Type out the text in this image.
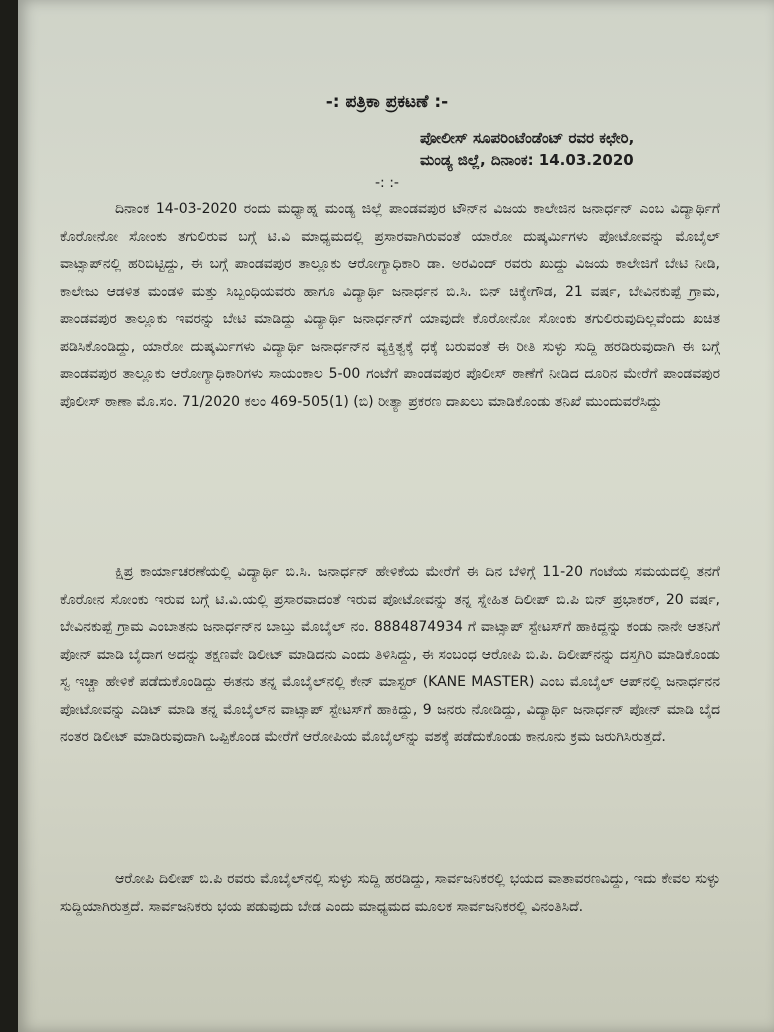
-: ಪತ್ರಿಕಾ ಪ್ರಕಟಣೆ :-
ಪೋಲೀಸ್ ಸೂಪರಿಂಟೆಂಡೆಂಟ್ ರವರ ಕಛೇರಿ,
ಮಂಡ್ಯ ಜಿಲ್ಲೆ, ದಿನಾಂಕ: 14.03.2020
-: :-
ದಿನಾಂಕ 14-03-2020 ರಂದು ಮಧ್ಯಾಹ್ನ ಮಂಡ್ಯ ಜಿಲ್ಲೆ ಪಾಂಡವಪುರ ಟೌನ್‌ನ ವಿಜಯ ಕಾಲೇಜಿನ ಜನಾರ್ಧನ್ ಎಂಬ ವಿದ್ಯಾರ್ಥಿಗೆ ಕೊರೋನೋ ಸೋಂಕು ತಗುಲಿರುವ ಬಗ್ಗೆ ಟಿ.ವಿ ಮಾಧ್ಯಮದಲ್ಲಿ ಪ್ರಸಾರವಾಗಿರುವಂತೆ ಯಾರೋ ದುಷ್ಕರ್ಮಿಗಳು ಪೋಟೋವನ್ನು ಮೊಬೈಲ್ ವಾಟ್ಸಾಪ್‌ನಲ್ಲಿ ಹರಿಬಿಟ್ಟಿದ್ದು, ಈ ಬಗ್ಗೆ ಪಾಂಡವಪುರ ತಾಲ್ಲೂಕು ಆರೋಗ್ಯಾಧಿಕಾರಿ ಡಾ. ಅರವಿಂದ್ ರವರು ಖುದ್ದು ವಿಜಯ ಕಾಲೇಜಿಗೆ ಬೇಟಿ ನೀಡಿ, ಕಾಲೇಜು ಆಡಳಿತ ಮಂಡಳಿ ಮತ್ತು ಸಿಬ್ಬಂಧಿಯವರು ಹಾಗೂ ವಿದ್ಯಾರ್ಥಿ ಜನಾರ್ಧನ ಬಿ.ಸಿ. ಬಿನ್ ಚಿಕ್ಕೇಗೌಡ, 21 ವರ್ಷ, ಬೇವಿನಕುಪ್ಪೆ ಗ್ರಾಮ, ಪಾಂಡವಪುರ ತಾಲ್ಲೂಕು ಇವರನ್ನು ಬೇಟಿ ಮಾಡಿದ್ದು ವಿದ್ಯಾರ್ಥಿ ಜನಾರ್ಧನ್‌ಗೆ ಯಾವುದೇ ಕೊರೋನೋ ಸೋಂಕು ತಗುಲಿರುವುದಿಲ್ಲವೆಂದು ಖಚಿತ ಪಡಿಸಿಕೊಂಡಿದ್ದು, ಯಾರೋ ದುಷ್ಕರ್ಮಿಗಳು ವಿದ್ಯಾರ್ಥಿ ಜನಾರ್ಧನ್‌ನ ವ್ಯಕ್ತಿತ್ವಕ್ಕೆ ಧಕ್ಕೆ ಬರುವಂತೆ ಈ ರೀತಿ ಸುಳ್ಳು ಸುದ್ದಿ ಹರಡಿರುವುದಾಗಿ ಈ ಬಗ್ಗೆ ಪಾಂಡವಪುರ ತಾಲ್ಲೂಕು ಆರೋಗ್ಯಾಧಿಕಾರಿಗಳು ಸಾಯಂಕಾಲ 5-00 ಗಂಟೆಗೆ ಪಾಂಡವಪುರ ಪೊಲೀಸ್ ಠಾಣೆಗೆ ನೀಡಿದ ದೂರಿನ ಮೇರೆಗೆ ಪಾಂಡವಪುರ ಪೊಲೀಸ್ ಠಾಣಾ ಮೊ.ಸಂ. 71/2020 ಕಲಂ 469-505(1) (ಬಿ) ರೀತ್ಯಾ ಪ್ರಕರಣ ದಾಖಲು ಮಾಡಿಕೊಂಡು ತನಿಖೆ ಮುಂದುವರೆಸಿದ್ದು
ಕ್ಷಿಪ್ರ ಕಾರ್ಯಾಚರಣೆಯಲ್ಲಿ ವಿದ್ಯಾರ್ಥಿ ಬಿ.ಸಿ. ಜನಾರ್ಧನ್ ಹೇಳಿಕೆಯ ಮೇರೆಗೆ ಈ ದಿನ ಬೆಳಿಗ್ಗೆ 11-20 ಗಂಟೆಯ ಸಮಯದಲ್ಲಿ ತನಗೆ ಕೊರೋನ ಸೋಂಕು ಇರುವ ಬಗ್ಗೆ ಟಿ.ವಿ.ಯಲ್ಲಿ ಪ್ರಸಾರವಾದಂತೆ ಇರುವ ಪೋಟೋವನ್ನು ತನ್ನ ಸ್ನೇಹಿತ ದಿಲೀಪ್ ಬಿ.ಪಿ ಬಿನ್ ಪ್ರಭಾಕರ್, 20 ವರ್ಷ, ಬೇವಿನಕುಪ್ಪೆ ಗ್ರಾಮ ಎಂಬಾತನು ಜನಾರ್ಧನ್‌ನ ಬಾಬ್ತು ಮೊಬೈಲ್ ನಂ. 8884874934 ಗೆ ವಾಟ್ಸಾಪ್ ಸ್ಟೇಟಸ್‌ಗೆ ಹಾಕಿದ್ದನ್ನು ಕಂಡು ನಾನೇ ಆತನಿಗೆ ಪೋನ್ ಮಾಡಿ ಬೈದಾಗ ಅದನ್ನು ತಕ್ಷಣವೇ ಡಿಲೀಟ್ ಮಾಡಿದನು ಎಂದು ತಿಳಿಸಿದ್ದು, ಈ ಸಂಬಂಧ ಆರೋಪಿ ಬಿ.ಪಿ. ದಿಲೀಪ್‌ನನ್ನು ದಸ್ತಗಿರಿ ಮಾಡಿಕೊಂಡು ಸ್ವ ಇಚ್ಚಾ ಹೇಳಿಕೆ ಪಡೆದುಕೊಂಡಿದ್ದು ಈತನು ತನ್ನ ಮೊಬೈಲ್‌ನಲ್ಲಿ ಕೇನ್ ಮಾಸ್ಟರ್ (KANE MASTER) ಎಂಬ ಮೊಬೈಲ್ ಆಪ್‌ನಲ್ಲಿ ಜನಾರ್ಧನನ ಪೋಟೋವನ್ನು ಎಡಿಟ್ ಮಾಡಿ ತನ್ನ ಮೊಬೈಲ್‌ನ ವಾಟ್ಸಾಪ್ ಸ್ಟೇಟಸ್‌ಗೆ ಹಾಕಿದ್ದು, 9 ಜನರು ನೋಡಿದ್ದು, ವಿದ್ಯಾರ್ಥಿ ಜನಾರ್ಧನ್ ಪೋನ್ ಮಾಡಿ ಬೈದ ನಂತರ ಡಿಲೀಟ್ ಮಾಡಿರುವುದಾಗಿ ಒಪ್ಪಿಕೊಂಡ ಮೇರೆಗೆ ಆರೋಪಿಯ ಮೊಬೈಲ್‌ನ್ನು ವಶಕ್ಕೆ ಪಡೆದುಕೊಂಡು ಕಾನೂನು ಕ್ರಮ ಜರುಗಿಸಿರುತ್ತದೆ.
ಆರೋಪಿ ದಿಲೀಪ್ ಬಿ.ಪಿ ರವರು ಮೊಬೈಲ್‌ನಲ್ಲಿ ಸುಳ್ಳು ಸುದ್ದಿ ಹರಡಿದ್ದು, ಸಾರ್ವಜನಿಕರಲ್ಲಿ ಭಯದ ವಾತಾವರಣವಿದ್ದು, ಇದು ಕೇವಲ ಸುಳ್ಳು ಸುದ್ದಿಯಾಗಿರುತ್ತದೆ. ಸಾರ್ವಜನಿಕರು ಭಯ ಪಡುವುದು ಬೇಡ ಎಂದು ಮಾಧ್ಯಮದ ಮೂಲಕ ಸಾರ್ವಜನಿಕರಲ್ಲಿ ವಿನಂತಿಸಿದೆ.
